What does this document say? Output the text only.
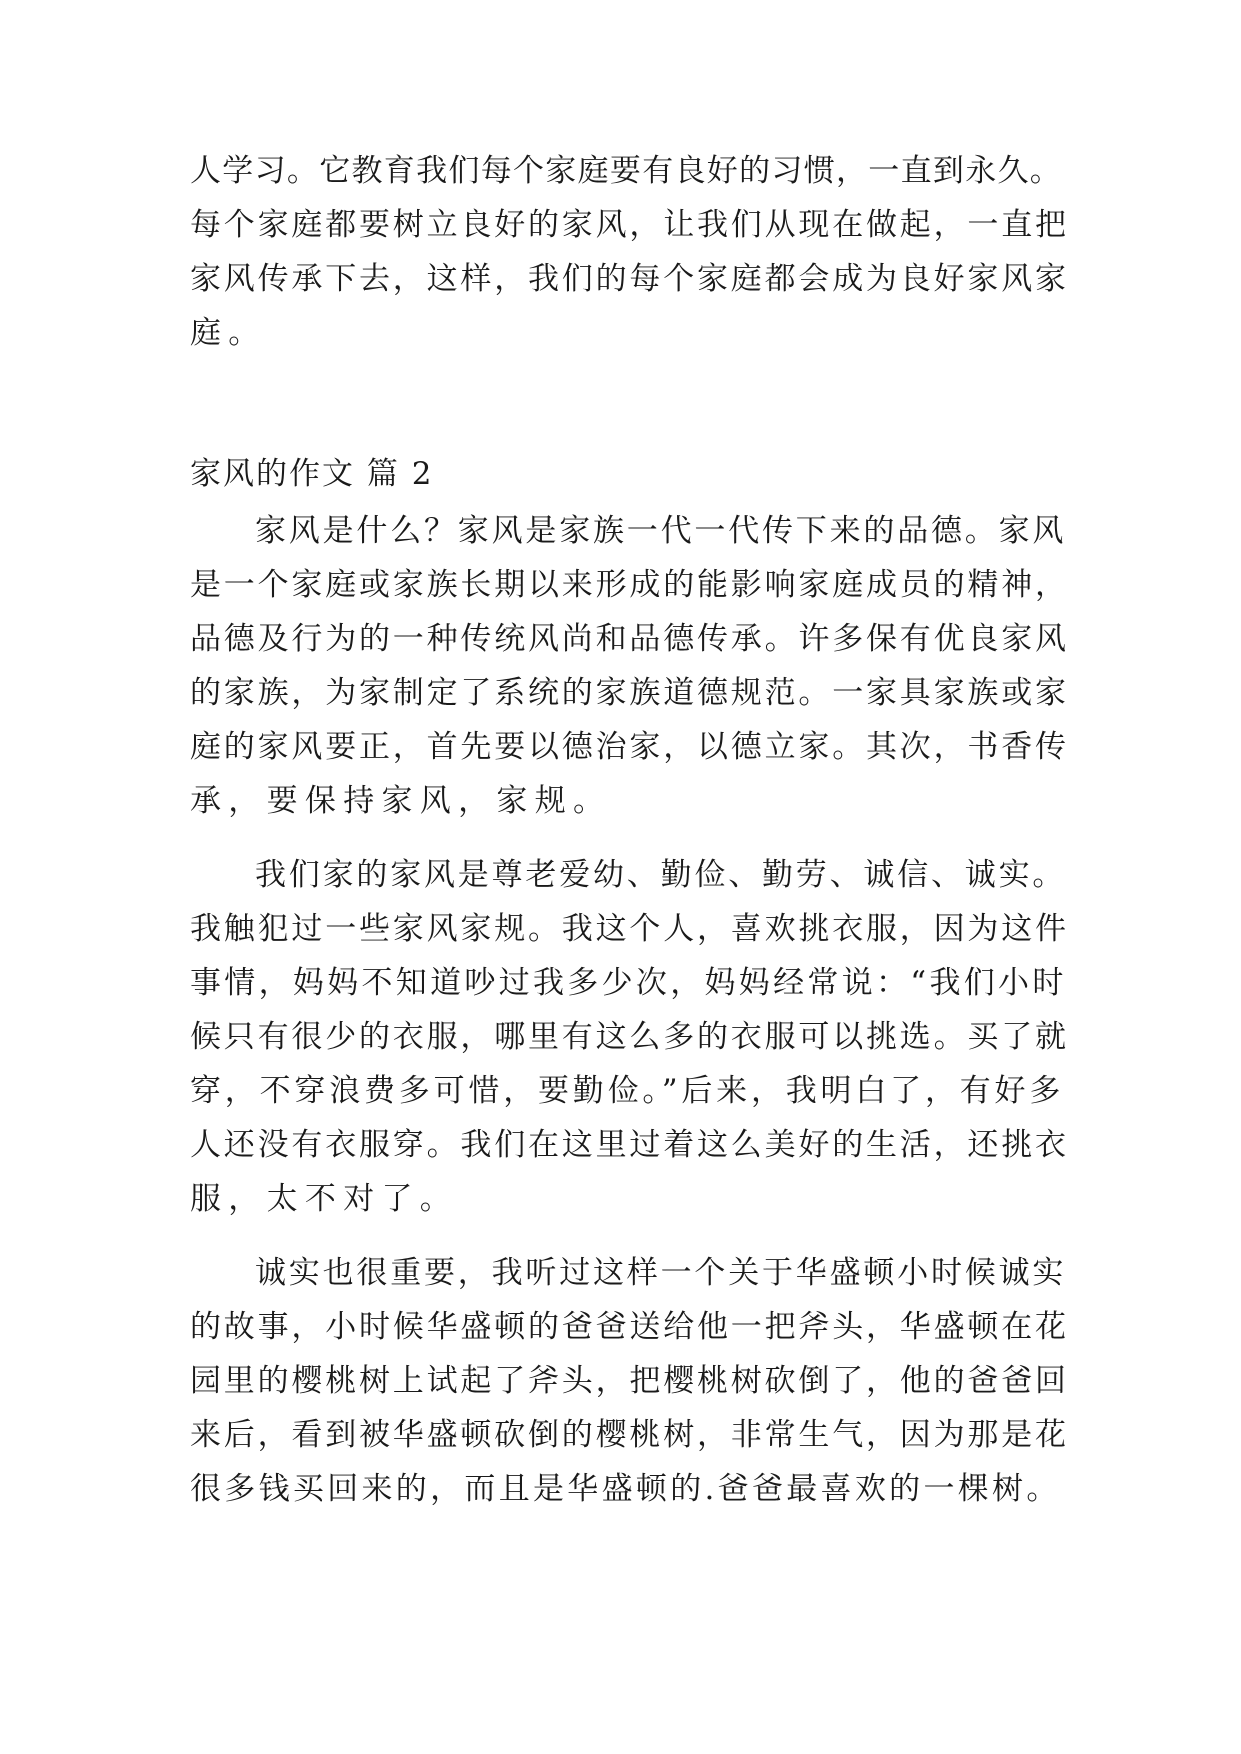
人学习。它教育我们每个家庭要有良好的习惯，一直到永久。
每个家庭都要树立良好的家风，让我们从现在做起，一直把
家风传承下去，这样，我们的每个家庭都会成为良好家风家
庭。
家风的作文 篇 2
家风是什么？家风是家族一代一代传下来的品德。家风
是一个家庭或家族长期以来形成的能影响家庭成员的精神，
品德及行为的一种传统风尚和品德传承。许多保有优良家风
的家族，为家制定了系统的家族道德规范。一家具家族或家
庭的家风要正，首先要以德治家，以德立家。其次，书香传
承，要保持家风，家规。
我们家的家风是尊老爱幼、勤俭、勤劳、诚信、诚实。
我触犯过一些家风家规。我这个人，喜欢挑衣服，因为这件
事情，妈妈不知道吵过我多少次，妈妈经常说：“我们小时
候只有很少的衣服，哪里有这么多的衣服可以挑选。买了就
穿，不穿浪费多可惜，要勤俭。”后来，我明白了，有好多
人还没有衣服穿。我们在这里过着这么美好的生活，还挑衣
服，太不对了。
诚实也很重要，我听过这样一个关于华盛顿小时候诚实
的故事，小时候华盛顿的爸爸送给他一把斧头，华盛顿在花
园里的樱桃树上试起了斧头，把樱桃树砍倒了，他的爸爸回
来后，看到被华盛顿砍倒的樱桃树，非常生气，因为那是花
很多钱买回来的，而且是华盛顿的.爸爸最喜欢的一棵树。
